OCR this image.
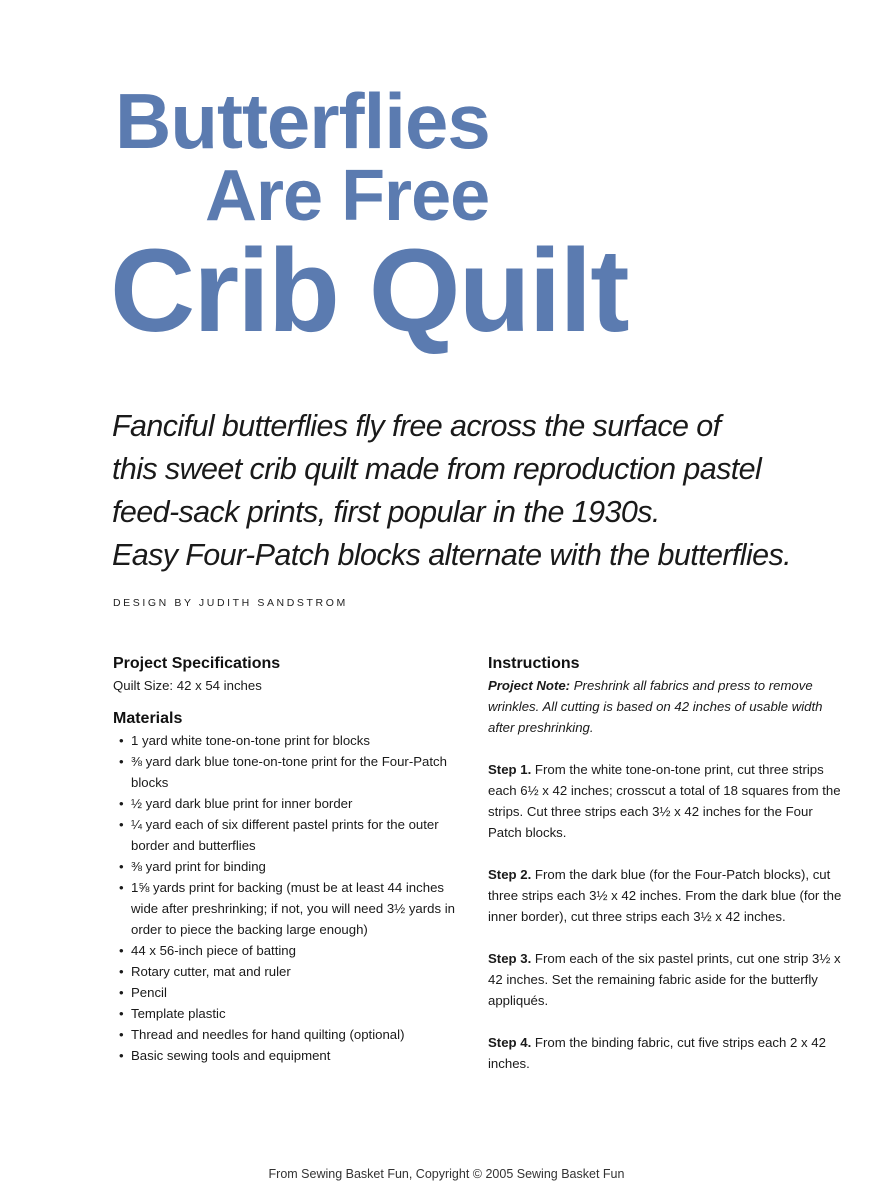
Butterflies
Are Free
Crib Quilt
Fanciful butterflies fly free across the surface of
this sweet crib quilt made from reproduction pastel
feed-sack prints, first popular in the 1930s.
Easy Four-Patch blocks alternate with the butterflies.
DESIGN BY JUDITH SANDSTROM
Project Specifications
Quilt Size: 42 x 54 inches
Materials
• 1 yard white tone-on-tone print for blocks
• ⅜ yard dark blue tone-on-tone print for the Four-Patch blocks
• ½ yard dark blue print for inner border
• ¼ yard each of six different pastel prints for the outer border and butterflies
• ⅜ yard print for binding
• 1⅝ yards print for backing (must be at least 44 inches wide after preshrinking; if not, you will need 3½ yards in order to piece the backing large enough)
• 44 x 56-inch piece of batting
• Rotary cutter, mat and ruler
• Pencil
• Template plastic
• Thread and needles for hand quilting (optional)
• Basic sewing tools and equipment
Instructions
Project Note: Preshrink all fabrics and press to remove wrinkles. All cutting is based on 42 inches of usable width after preshrinking.
Step 1. From the white tone-on-tone print, cut three strips each 6½ x 42 inches; crosscut a total of 18 squares from the strips. Cut three strips each 3½ x 42 inches for the Four Patch blocks.
Step 2. From the dark blue (for the Four-Patch blocks), cut three strips each 3½ x 42 inches. From the dark blue (for the inner border), cut three strips each 3½ x 42 inches.
Step 3. From each of the six pastel prints, cut one strip 3½ x 42 inches. Set the remaining fabric aside for the butterfly appliqués.
Step 4. From the binding fabric, cut five strips each 2 x 42 inches.
From Sewing Basket Fun, Copyright © 2005 Sewing Basket Fun
